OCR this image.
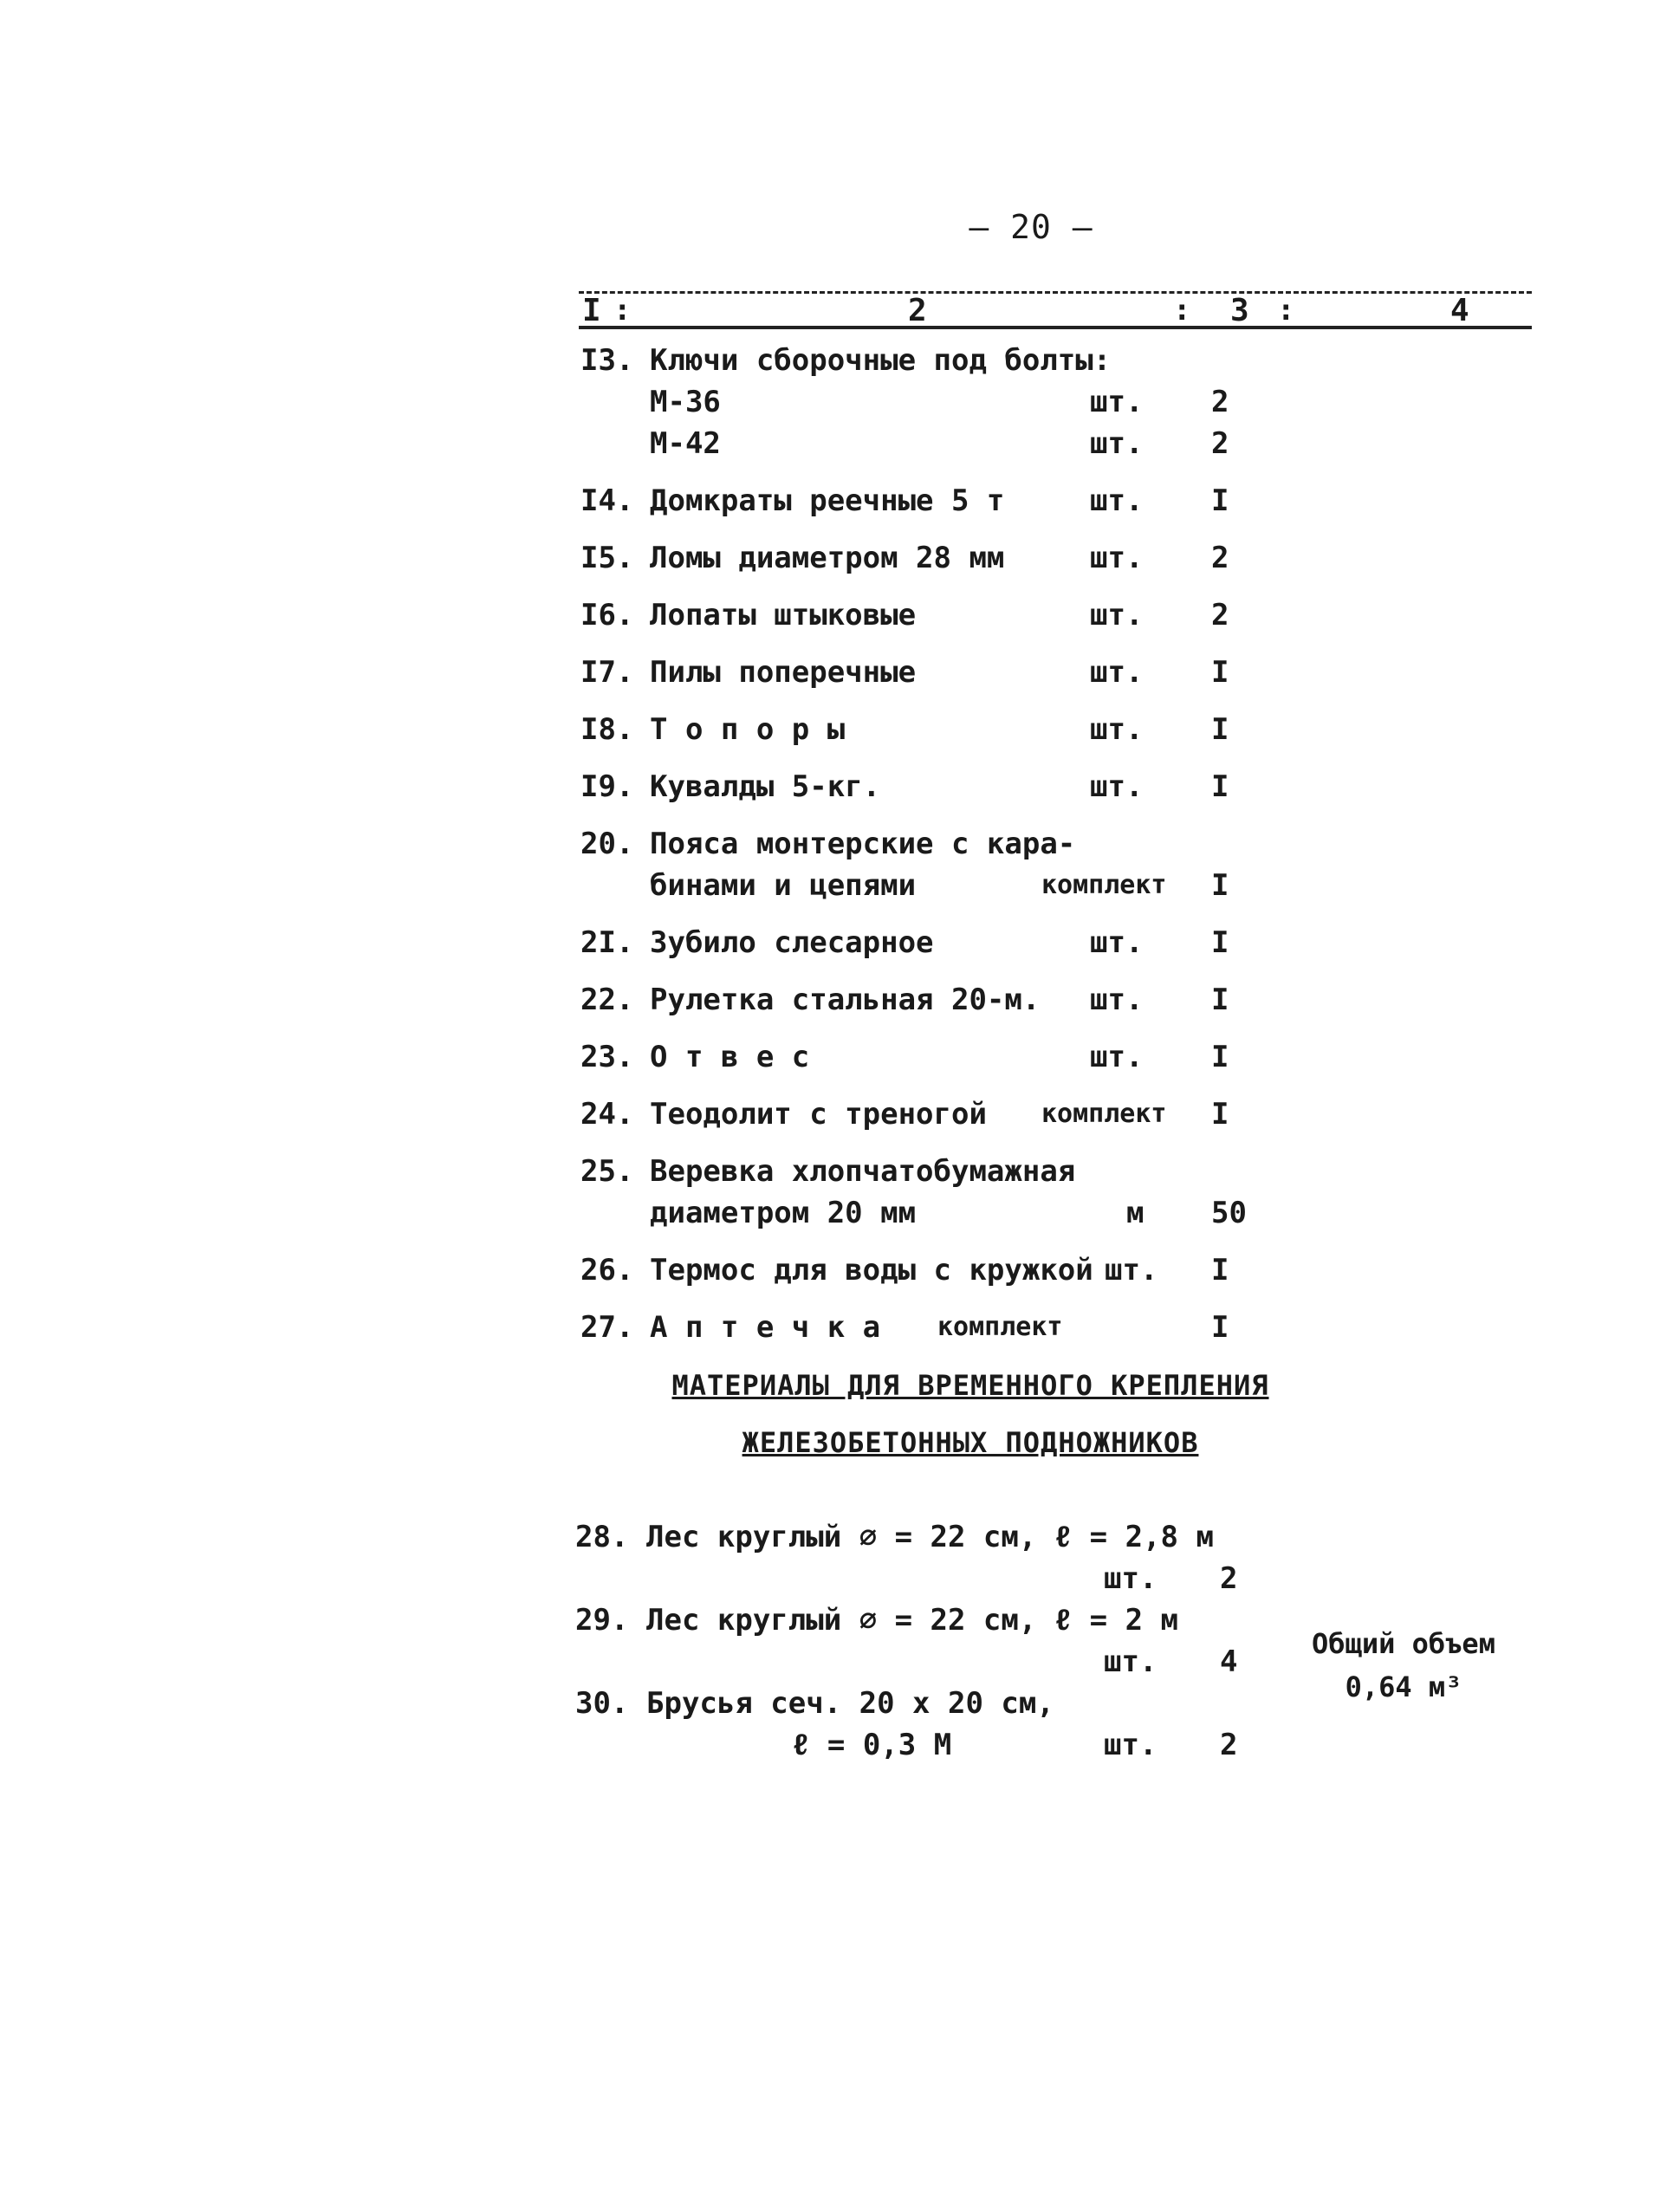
– 20 –
I :	2	: 3 :	4
I3. Ключи сборочные под болты:
М-36	шт.	2
М-42	шт.	2
I4. Домкраты реечные 5 т	шт.	I
I5. Ломы диаметром 28 мм	шт.	2
I6. Лопаты штыковые	шт.	2
I7. Пилы поперечные	шт.	I
I8. Т о п о р ы	шт.	I
I9. Кувалды 5-кг.	шт.	I
20. Пояса монтерские с кара-
бинами и цепями	комплект I
2I. Зубило слесарное	шт.	I
22. Рулетка стальная 20-м. шт.	I
23. О т в е с	шт.	I
24. Теодолит с треногой комплект I
25. Веревка хлопчатобумажная
диаметром 20 мм	м	50
26. Термос для воды с кружкой шт.	I
27. А п т е ч к а комплект	I
МАТЕРИАЛЫ ДЛЯ ВРЕМЕННОГО КРЕПЛЕНИЯ
ЖЕЛЕЗОБЕТОННЫХ ПОДНОЖНИКОВ
28. Лес круглый ∅ = 22 см, ℓ = 2,8 м
шт. 2
29. Лес круглый ∅ = 22 см, ℓ = 2 м
шт. 4
30. Брусья сеч. 20 х 20 см,
ℓ = 0,3 М	шт. 2
Общий объем
0,64 м³
